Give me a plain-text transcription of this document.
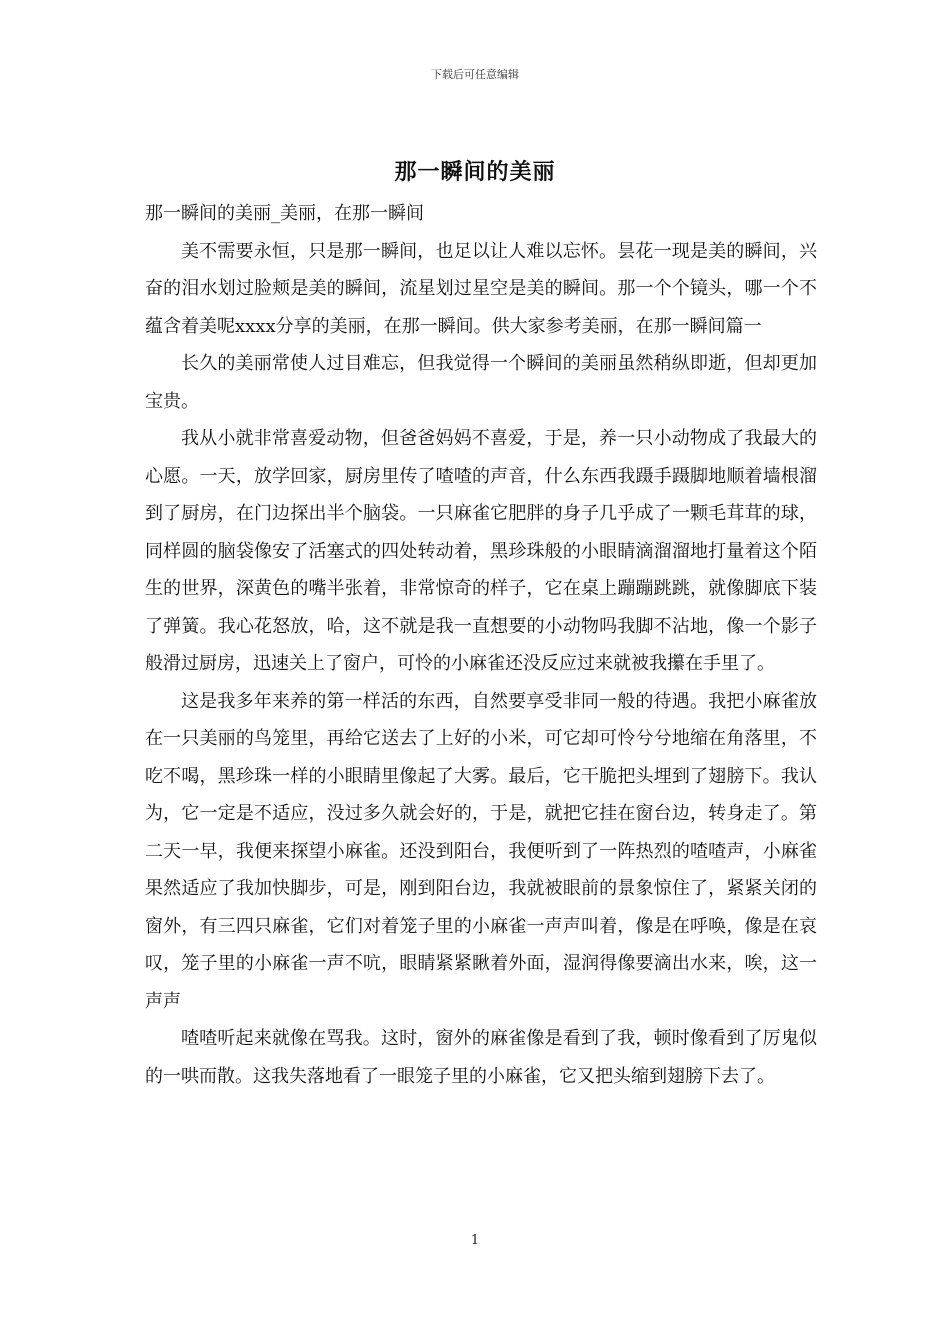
下载后可任意编辑
那一瞬间的美丽

那一瞬间的美丽_美丽，在那一瞬间

美不需要永恒，只是那一瞬间，也足以让人难以忘怀。昙花一现是美的瞬间，兴奋的泪水划过脸颊是美的瞬间，流星划过星空是美的瞬间。那一个个镜头，哪一个不蕴含着美呢xxxx分享的美丽，在那一瞬间。供大家参考美丽，在那一瞬间篇一

长久的美丽常使人过目难忘，但我觉得一个瞬间的美丽虽然稍纵即逝，但却更加宝贵。

我从小就非常喜爱动物，但爸爸妈妈不喜爱，于是，养一只小动物成了我最大的心愿。一天，放学回家，厨房里传了喳喳的声音，什么东西我蹑手蹑脚地顺着墙根溜到了厨房，在门边探出半个脑袋。一只麻雀它肥胖的身子几乎成了一颗毛茸茸的球，同样圆的脑袋像安了活塞式的四处转动着，黑珍珠般的小眼睛滴溜溜地打量着这个陌生的世界，深黄色的嘴半张着，非常惊奇的样子，它在桌上蹦蹦跳跳，就像脚底下装了弹簧。我心花怒放，哈，这不就是我一直想要的小动物吗我脚不沾地，像一个影子般滑过厨房，迅速关上了窗户，可怜的小麻雀还没反应过来就被我攥在手里了。

这是我多年来养的第一样活的东西，自然要享受非同一般的待遇。我把小麻雀放在一只美丽的鸟笼里，再给它送去了上好的小米，可它却可怜兮兮地缩在角落里，不吃不喝，黑珍珠一样的小眼睛里像起了大雾。最后，它干脆把头埋到了翅膀下。我认为，它一定是不适应，没过多久就会好的，于是，就把它挂在窗台边，转身走了。第二天一早，我便来探望小麻雀。还没到阳台，我便听到了一阵热烈的喳喳声，小麻雀果然适应了我加快脚步，可是，刚到阳台边，我就被眼前的景象惊住了，紧紧关闭的窗外，有三四只麻雀，它们对着笼子里的小麻雀一声声叫着，像是在呼唤，像是在哀叹，笼子里的小麻雀一声不吭，眼睛紧紧瞅着外面，湿润得像要滴出水来，唉，这一声声

喳喳听起来就像在骂我。这时，窗外的麻雀像是看到了我，顿时像看到了厉鬼似的一哄而散。这我失落地看了一眼笼子里的小麻雀，它又把头缩到翅膀下去了。

1
